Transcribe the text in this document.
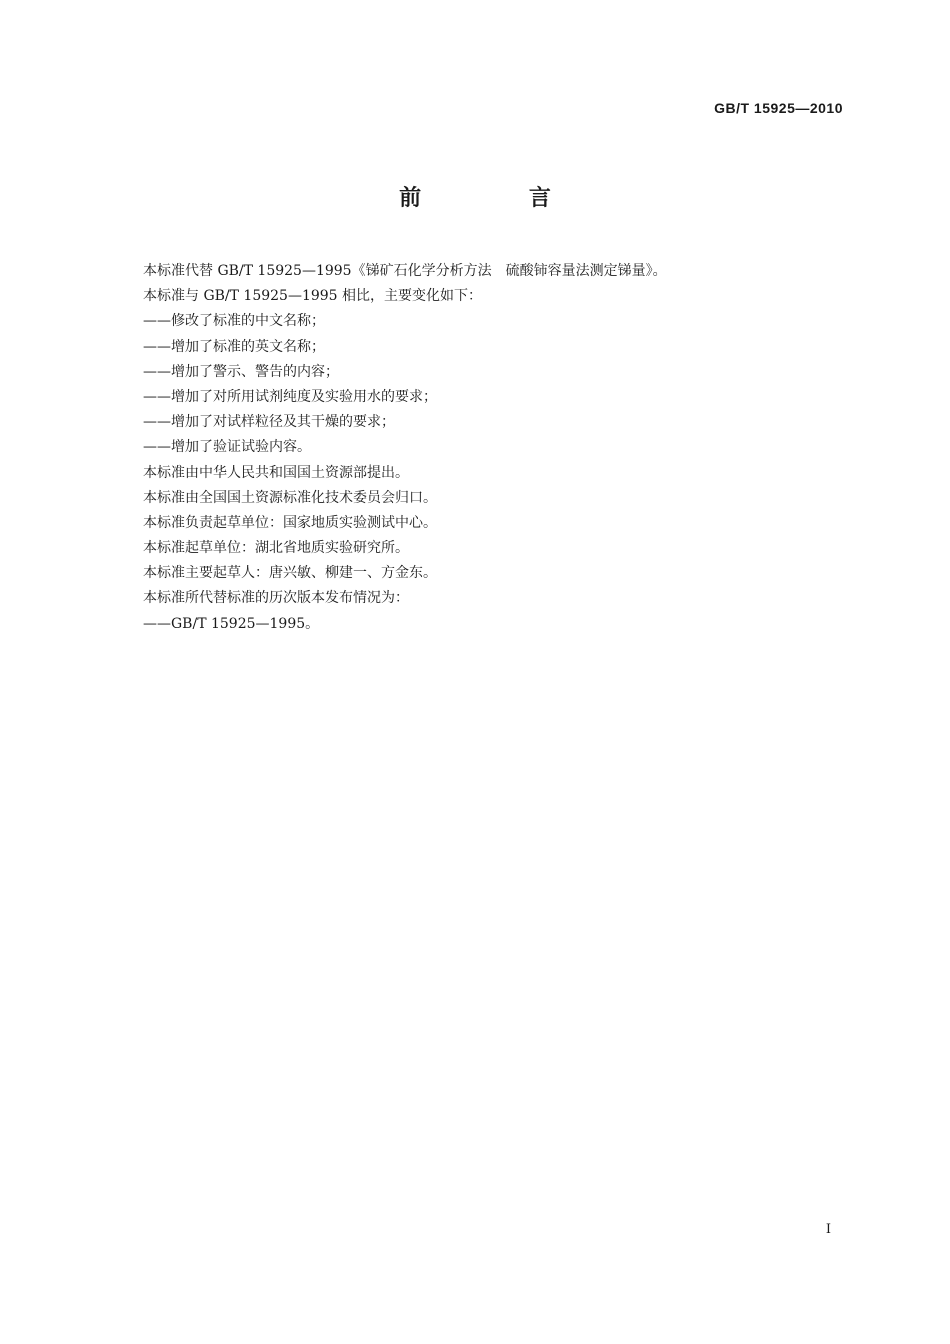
GB/T 15925—2010
前 言
本标准代替 GB/T 15925—1995《锑矿石化学分析方法　硫酸铈容量法测定锑量》。
本标准与 GB/T 15925—1995 相比，主要变化如下：
——修改了标准的中文名称；
——增加了标准的英文名称；
——增加了警示、警告的内容；
——增加了对所用试剂纯度及实验用水的要求；
——增加了对试样粒径及其干燥的要求；
——增加了验证试验内容。
本标准由中华人民共和国国土资源部提出。
本标准由全国国土资源标准化技术委员会归口。
本标准负责起草单位：国家地质实验测试中心。
本标准起草单位：湖北省地质实验研究所。
本标准主要起草人：唐兴敏、柳建一、方金东。
本标准所代替标准的历次版本发布情况为：
——GB/T 15925—1995。
I
